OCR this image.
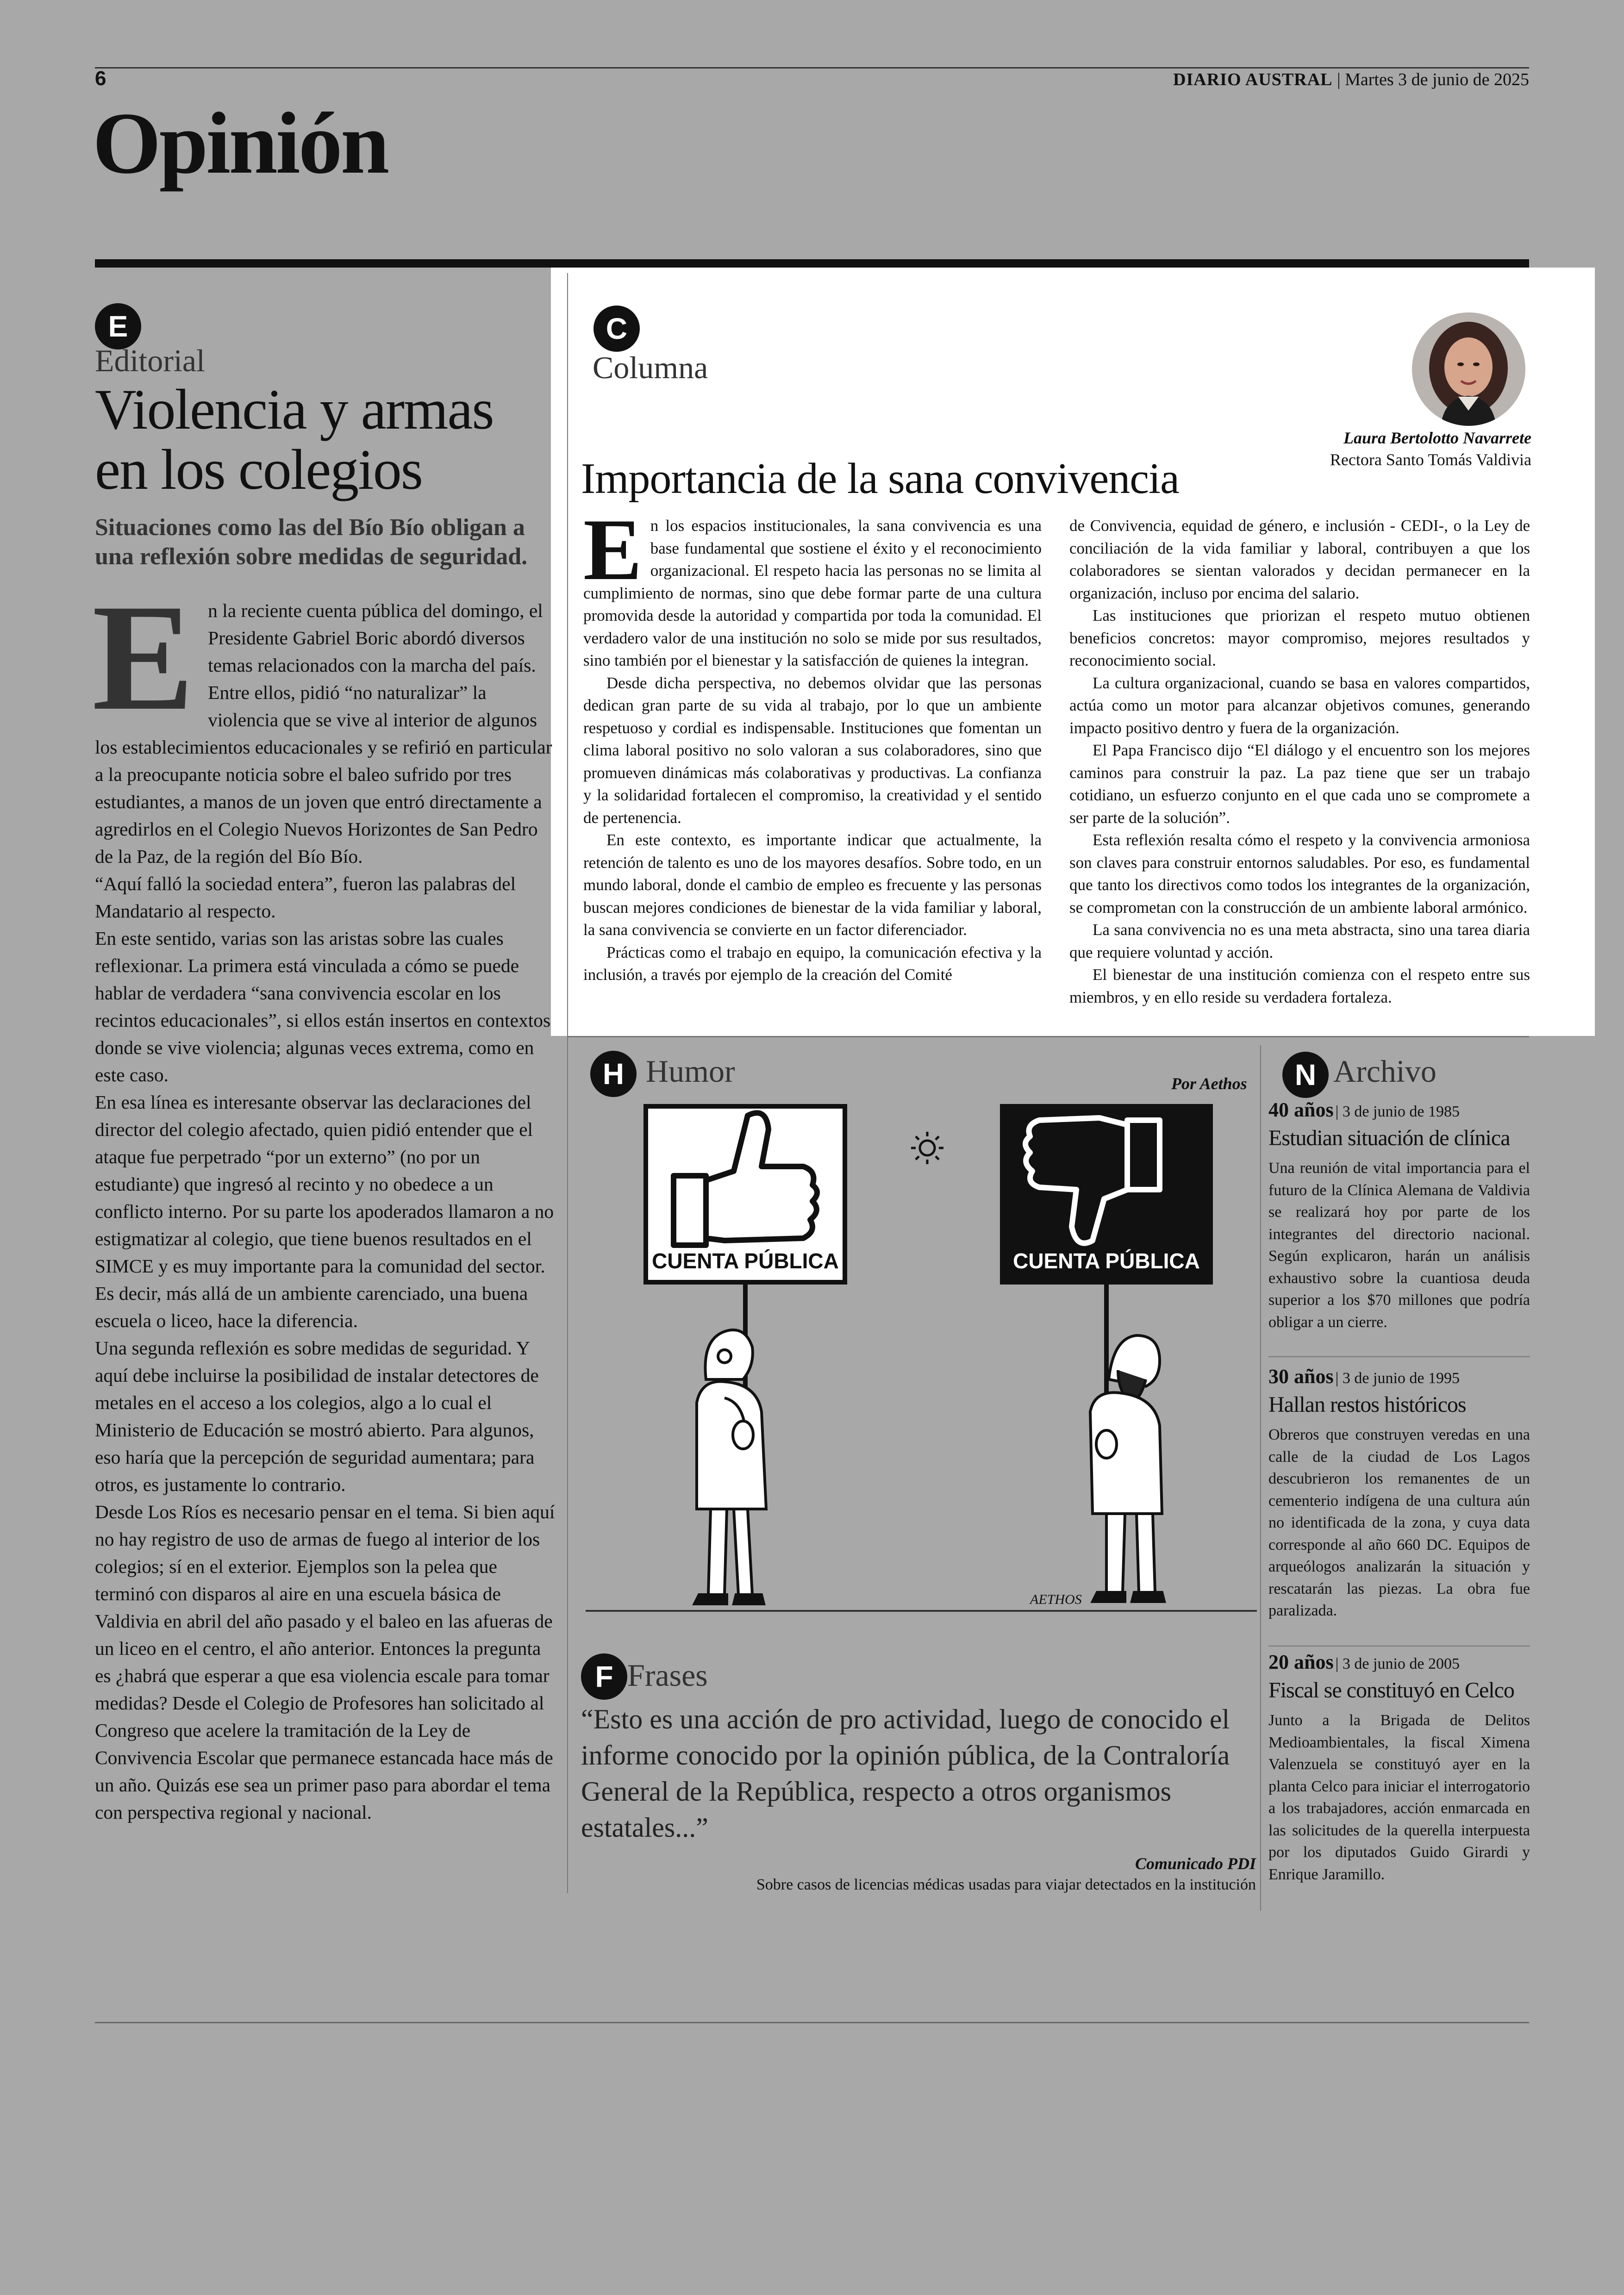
6	DIARIO AUSTRAL | Martes 3 de junio de 2025
Opinión
E
Editorial
Violencia y armas en los colegios
Situaciones como las del Bío Bío obligan a una reflexión sobre medidas de seguridad.
E n la reciente cuenta pública del domingo, el Presidente Gabriel Boric abordó diversos temas relacionados con la marcha del país. Entre ellos, pidió “no naturalizar” la violencia que se vive al interior de algunos los establecimientos educacionales y se refirió en particular a la preocupante noticia sobre el baleo sufrido por tres estudiantes, a manos de un joven que entró directamente a agredirlos en el Colegio Nuevos Horizontes de San Pedro de la Paz, de la región del Bío Bío.

“Aquí falló la sociedad entera”, fueron las palabras del Mandatario al respecto.

En este sentido, varias son las aristas sobre las cuales reflexionar. La primera está vinculada a cómo se puede hablar de verdadera “sana convivencia escolar en los recintos educacionales”, si ellos están insertos en contextos donde se vive violencia; algunas veces extrema, como en este caso.

En esa línea es interesante observar las declaraciones del director del colegio afectado, quien pidió entender que el ataque fue perpetrado “por un externo” (no por un estudiante) que ingresó al recinto y no obedece a un conflicto interno. Por su parte los apoderados llamaron a no estigmatizar al colegio, que tiene buenos resultados en el SIMCE y es muy importante para la comunidad del sector. Es decir, más allá de un ambiente carenciado, una buena escuela o liceo, hace la diferencia.

Una segunda reflexión es sobre medidas de seguridad. Y aquí debe incluirse la posibilidad de instalar detectores de metales en el acceso a los colegios, algo a lo cual el Ministerio de Educación se mostró abierto. Para algunos, eso haría que la percepción de seguridad aumentara; para otros, es justamente lo contrario.

Desde Los Ríos es necesario pensar en el tema. Si bien aquí no hay registro de uso de armas de fuego al interior de los colegios; sí en el exterior. Ejemplos son la pelea que terminó con disparos al aire en una escuela básica de Valdivia en abril del año pasado y el baleo en las afueras de un liceo en el centro, el año anterior. Entonces la pregunta es ¿habrá que esperar a que esa violencia escale para tomar medidas? Desde el Colegio de Profesores han solicitado al Congreso que acelere la tramitación de la Ley de Convivencia Escolar que permanece estancada hace más de un año. Quizás ese sea un primer paso para abordar el tema con perspectiva regional y nacional.

C
Columna
Laura Bertolotto Navarrete
Rectora Santo Tomás Valdivia
Importancia de la sana convivencia
E n los espacios institucionales, la sana convivencia es una base fundamental que sostiene el éxito y el reconocimiento organizacional. El respeto hacia las personas no se limita al cumplimiento de normas, sino que debe formar parte de una cultura promovida desde la autoridad y compartida por toda la comunidad. El verdadero valor de una institución no solo se mide por sus resultados, sino también por el bienestar y la satisfacción de quienes la integran.

Desde dicha perspectiva, no debemos olvidar que las personas dedican gran parte de su vida al trabajo, por lo que un ambiente respetuoso y cordial es indispensable. Instituciones que fomentan un clima laboral positivo no solo valoran a sus colaboradores, sino que promueven dinámicas más colaborativas y productivas. La confianza y la solidaridad fortalecen el compromiso, la creatividad y el sentido de pertenencia.

En este contexto, es importante indicar que actualmente, la retención de talento es uno de los mayores desafíos. Sobre todo, en un mundo laboral, donde el cambio de empleo es frecuente y las personas buscan mejores condiciones de bienestar de la vida familiar y laboral, la sana convivencia se convierte en un factor diferenciador.

Prácticas como el trabajo en equipo, la comunicación efectiva y la inclusión, a través por ejemplo de la creación del Comité

de Convivencia, equidad de género, e inclusión - CEDI-, o la Ley de conciliación de la vida familiar y laboral, contribuyen a que los colaboradores se sientan valorados y decidan permanecer en la organización, incluso por encima del salario.

Las instituciones que priorizan el respeto mutuo obtienen beneficios concretos: mayor compromiso, mejores resultados y reconocimiento social.

La cultura organizacional, cuando se basa en valores compartidos, actúa como un motor para alcanzar objetivos comunes, generando impacto positivo dentro y fuera de la organización.

El Papa Francisco dijo “El diálogo y el encuentro son los mejores caminos para construir la paz. La paz tiene que ser un trabajo cotidiano, un esfuerzo conjunto en el que cada uno se compromete a ser parte de la solución”.

Esta reflexión resalta cómo el respeto y la convivencia armoniosa son claves para construir entornos saludables. Por eso, es fundamental que tanto los directivos como todos los integrantes de la organización, se comprometan con la construcción de un ambiente laboral armónico.

La sana convivencia no es una meta abstracta, sino una tarea diaria que requiere voluntad y acción.

El bienestar de una institución comienza con el respeto entre sus miembros, y en ello reside su verdadera fortaleza.

H Humor	Por Aethos
CUENTA PÚBLICA	CUENTA PÚBLICA
AETHOS
F Frases
“Esto es una acción de pro actividad, luego de conocido el informe conocido por la opinión pública, de la Contraloría General de la República, respecto a otros organismos estatales...”
Comunicado PDI
Sobre casos de licencias médicas usadas para viajar detectados en la institución
N Archivo
40 años | 3 de junio de 1985
Estudian situación de clínica
Una reunión de vital importancia para el futuro de la Clínica Alemana de Valdivia se realizará hoy por parte de los integrantes del directorio nacional. Según explicaron, harán un análisis exhaustivo sobre la cuantiosa deuda superior a los $70 millones que podría obligar a un cierre.
30 años | 3 de junio de 1995
Hallan restos históricos
Obreros que construyen veredas en una calle de la ciudad de Los Lagos descubrieron los remanentes de un cementerio indígena de una cultura aún no identificada de la zona, y cuya data corresponde al año 660 DC. Equipos de arqueólogos analizarán la situación y rescatarán las piezas. La obra fue paralizada.
20 años | 3 de junio de 2005
Fiscal se constituyó en Celco
Junto a la Brigada de Delitos Medioambientales, la fiscal Ximena Valenzuela se constituyó ayer en la planta Celco para iniciar el interrogatorio a los trabajadores, acción enmarcada en las solicitudes de la querella interpuesta por los diputados Guido Girardi y Enrique Jaramillo.
